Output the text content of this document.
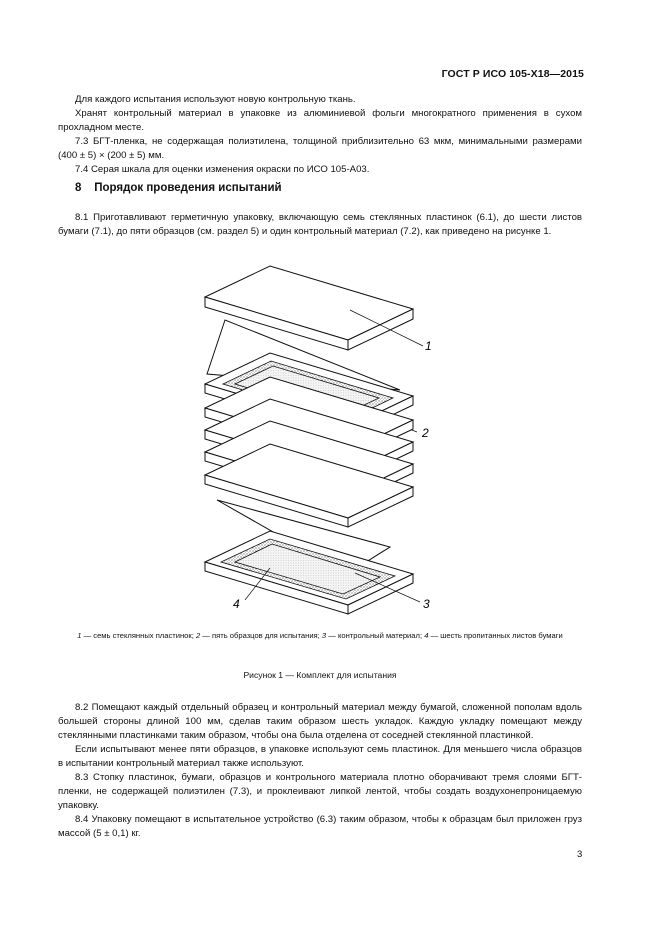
ГОСТ Р ИСО 105-X18—2015

Для каждого испытания используют новую контрольную ткань.

Хранят контрольный материал в упаковке из алюминиевой фольги многократного применения в сухом прохладном месте.

7.3 БГТ-пленка, не содержащая полиэтилена, толщиной приблизительно 63 мкм, минимальными размерами (400 ± 5) × (200 ± 5) мм.

7.4 Серая шкала для оценки изменения окраски по ИСО 105-А03.

8 Порядок проведения испытаний

8.1 Приготавливают герметичную упаковку, включающую семь стеклянных пластинок (6.1), до шести листов бумаги (7.1), до пяти образцов (см. раздел 5) и один контрольный материал (7.2), как приведено на рисунке 1.

1
2
3
4
1 — семь стеклянных пластинок; 2 — пять образцов для испытания; 3 — контрольный материал; 4 — шесть пропитанных листов бумаги
Рисунок 1 — Комплект для испытания

8.2 Помещают каждый отдельный образец и контрольный материал между бумагой, сложенной пополам вдоль большей стороны длиной 100 мм, сделав таким образом шесть укладок. Каждую укладку помещают между стеклянными пластинками таким образом, чтобы она была отделена от соседней стеклянной пластинкой.

Если испытывают менее пяти образцов, в упаковке используют семь пластинок. Для меньшего числа образцов в испытании контрольный материал также используют.

8.3 Стопку пластинок, бумаги, образцов и контрольного материала плотно оборачивают тремя слоями БГТ-пленки, не содержащей полиэтилен (7.3), и проклеивают липкой лентой, чтобы создать воздухонепроницаемую упаковку.

8.4 Упаковку помещают в испытательное устройство (6.3) таким образом, чтобы к образцам был приложен груз массой (5 ± 0,1) кг.

3
